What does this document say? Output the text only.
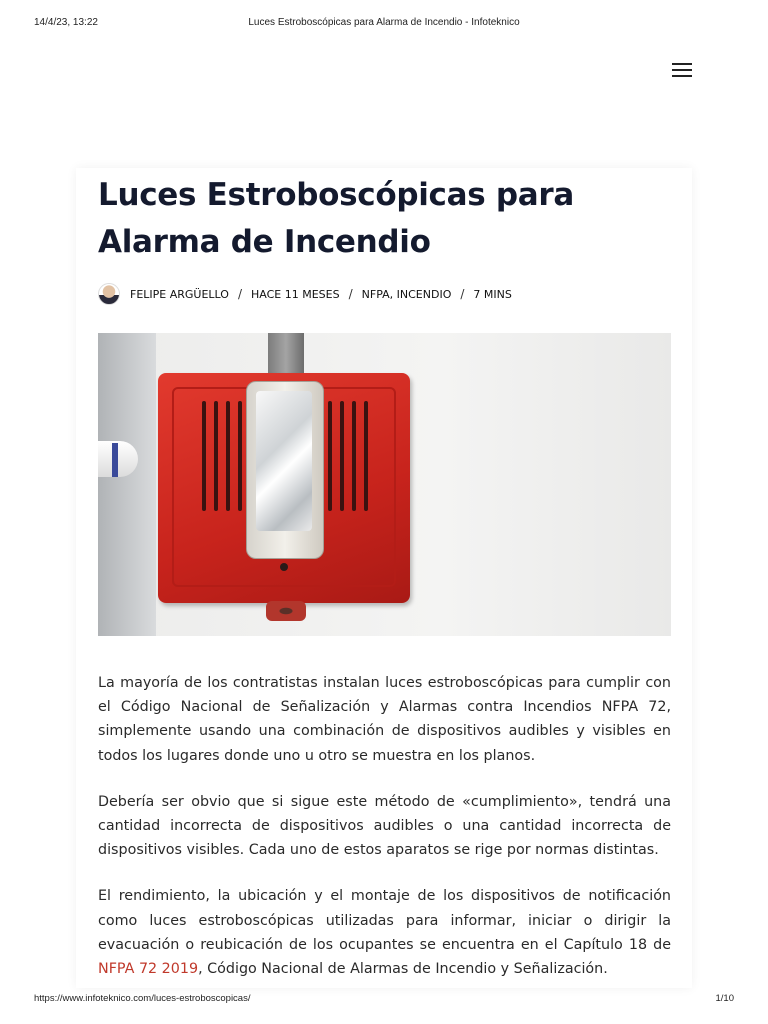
14/4/23, 13:22	Luces Estroboscópicas para Alarma de Incendio - Infoteknico
Luces Estroboscópicas para Alarma de Incendio
FELIPE ARGÜELLO / HACE 11 MESES / NFPA, INCENDIO / 7 MINS

La mayoría de los contratistas instalan luces estroboscópicas para cumplir con el Código Nacional de Señalización y Alarmas contra Incendios NFPA 72, simplemente usando una combinación de dispositivos audibles y visibles en todos los lugares donde uno u otro se muestra en los planos.

Debería ser obvio que si sigue este método de «cumplimiento», tendrá una cantidad incorrecta de dispositivos audibles o una cantidad incorrecta de dispositivos visibles. Cada uno de estos aparatos se rige por normas distintas.

El rendimiento, la ubicación y el montaje de los dispositivos de notificación como luces estroboscópicas utilizadas para informar, iniciar o dirigir la evacuación o reubicación de los ocupantes se encuentra en el Capítulo 18 de NFPA 72 2019, Código Nacional de Alarmas de Incendio y Señalización.

https://www.infoteknico.com/luces-estroboscopicas/	1/10
